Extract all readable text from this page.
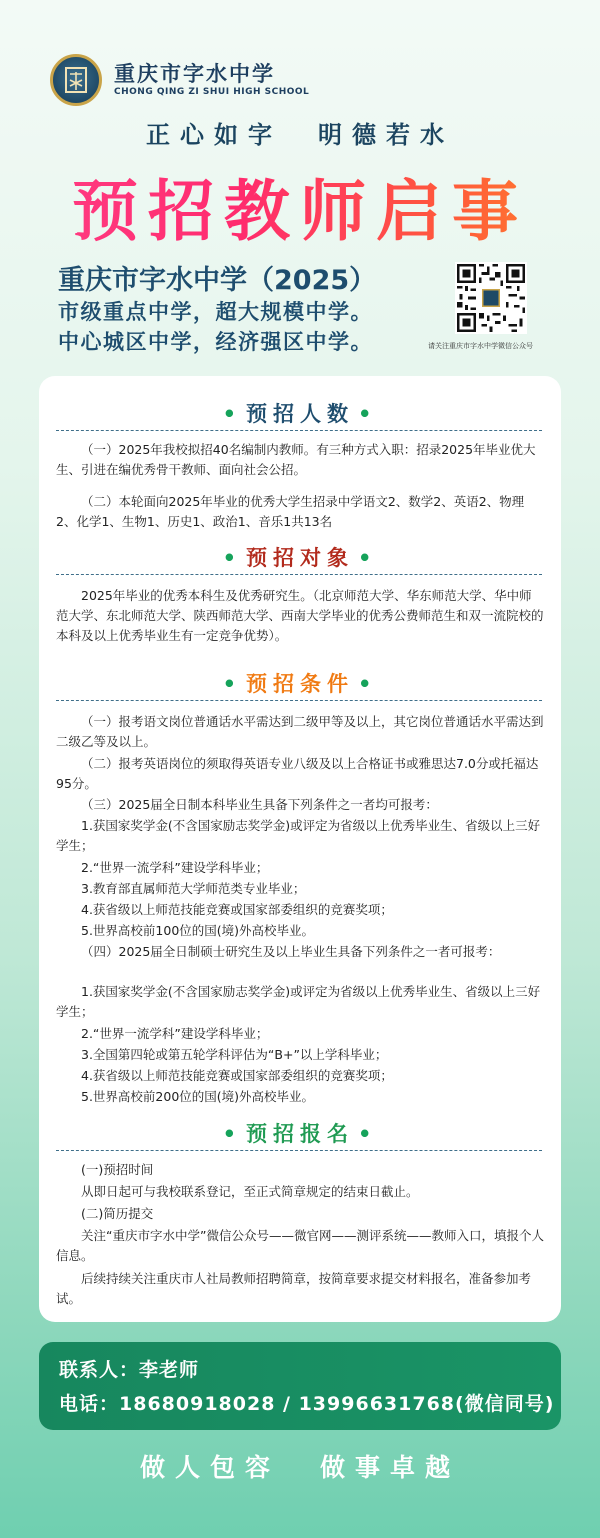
重庆市字水中学
CHONG QING ZI SHUI HIGH SCHOOL
正心如字 明德若水
预招教师启事
重庆市字水中学（2025）
市级重点中学，超大规模中学。
中心城区中学，经济强区中学。	请关注重庆市字水中学微信公众号
• 预招人数 •
（一）2025年我校拟招40名编制内教师。有三种方式入职：招录2025年毕业优大生、引进在编优秀骨干教师、面向社会公招。
（二）本轮面向2025年毕业的优秀大学生招录中学语文2、数学2、英语2、物理2、化学1、生物1、历史1、政治1、音乐1共13名
• 预招对象 •
2025年毕业的优秀本科生及优秀研究生。（北京师范大学、华东师范大学、华中师范大学、东北师范大学、陕西师范大学、西南大学毕业的优秀公费师范生和双一流院校的本科及以上优秀毕业生有一定竞争优势）。
• 预招条件 •
（一）报考语文岗位普通话水平需达到二级甲等及以上，其它岗位普通话水平需达到二级乙等及以上。
（二）报考英语岗位的须取得英语专业八级及以上合格证书或雅思达7.0分或托福达95分。
（三）2025届全日制本科毕业生具备下列条件之一者均可报考：
1.获国家奖学金(不含国家励志奖学金)或评定为省级以上优秀毕业生、省级以上三好学生；
2.“世界一流学科”建设学科毕业；
3.教育部直属师范大学师范类专业毕业；
4.获省级以上师范技能竞赛或国家部委组织的竞赛奖项；
5.世界高校前100位的国(境)外高校毕业。
（四）2025届全日制硕士研究生及以上毕业生具备下列条件之一者可报考：
1.获国家奖学金(不含国家励志奖学金)或评定为省级以上优秀毕业生、省级以上三好学生；
2.“世界一流学科”建设学科毕业；
3.全国第四轮或第五轮学科评估为“B+”以上学科毕业；
4.获省级以上师范技能竞赛或国家部委组织的竞赛奖项；
5.世界高校前200位的国(境)外高校毕业。
• 预招报名 •
(一)预招时间
从即日起可与我校联系登记，至正式简章规定的结束日截止。
(二)简历提交
关注“重庆市字水中学”微信公众号——微官网——测评系统——教师入口，填报个人信息。
后续持续关注重庆市人社局教师招聘简章，按简章要求提交材料报名，准备参加考试。
联系人：李老师
电话：18680918028 / 13996631768(微信同号)
做人包容 做事卓越
